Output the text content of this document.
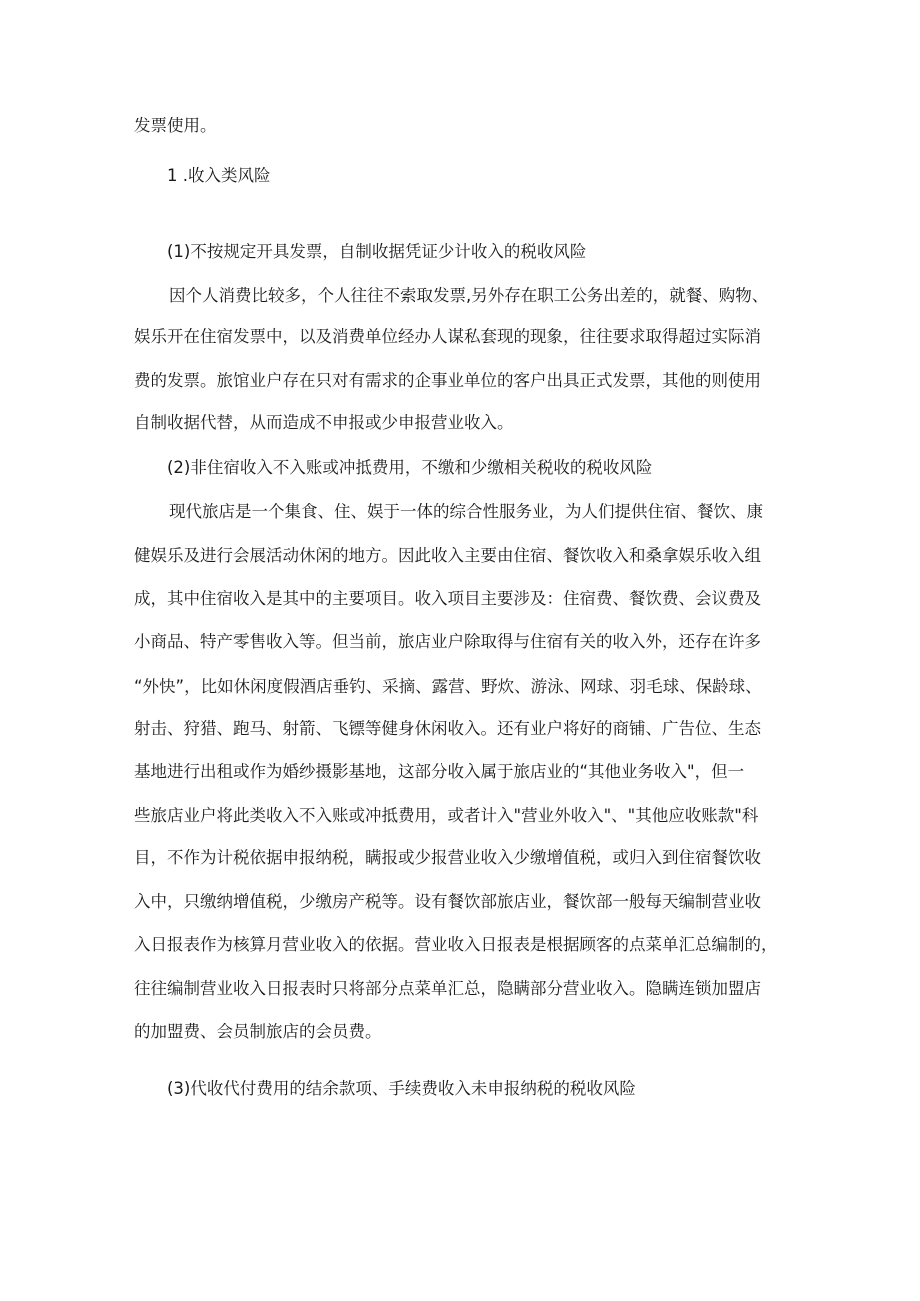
发票使用。
1 .收入类风险
(1)不按规定开具发票，自制收据凭证少计收入的税收风险
因个人消费比较多，个人往往不索取发票,另外存在职工公务出差的，就餐、购物、
娱乐开在住宿发票中，以及消费单位经办人谋私套现的现象，往往要求取得超过实际消
费的发票。旅馆业户存在只对有需求的企事业单位的客户出具正式发票，其他的则使用
自制收据代替，从而造成不申报或少申报营业收入。
(2)非住宿收入不入账或冲抵费用，不缴和少缴相关税收的税收风险
现代旅店是一个集食、住、娱于一体的综合性服务业，为人们提供住宿、餐饮、康
健娱乐及进行会展活动休闲的地方。因此收入主要由住宿、餐饮收入和桑拿娱乐收入组
成，其中住宿收入是其中的主要项目。收入项目主要涉及：住宿费、餐饮费、会议费及
小商品、特产零售收入等。但当前，旅店业户除取得与住宿有关的收入外，还存在许多
“外快”，比如休闲度假酒店垂钓、采摘、露营、野炊、游泳、网球、羽毛球、保龄球、
射击、狩猎、跑马、射箭、飞镖等健身休闲收入。还有业户将好的商铺、广告位、生态
基地进行出租或作为婚纱摄影基地，这部分收入属于旅店业的“其他业务收入"，但一
些旅店业户将此类收入不入账或冲抵费用，或者计入"营业外收入"、"其他应收账款"科
目，不作为计税依据申报纳税，瞒报或少报营业收入少缴增值税，或归入到住宿餐饮收
入中，只缴纳增值税，少缴房产税等。设有餐饮部旅店业，餐饮部一般每天编制营业收
入日报表作为核算月营业收入的依据。营业收入日报表是根据顾客的点菜单汇总编制的，
往往编制营业收入日报表时只将部分点菜单汇总，隐瞒部分营业收入。隐瞒连锁加盟店
的加盟费、会员制旅店的会员费。
(3)代收代付费用的结余款项、手续费收入未申报纳税的税收风险
